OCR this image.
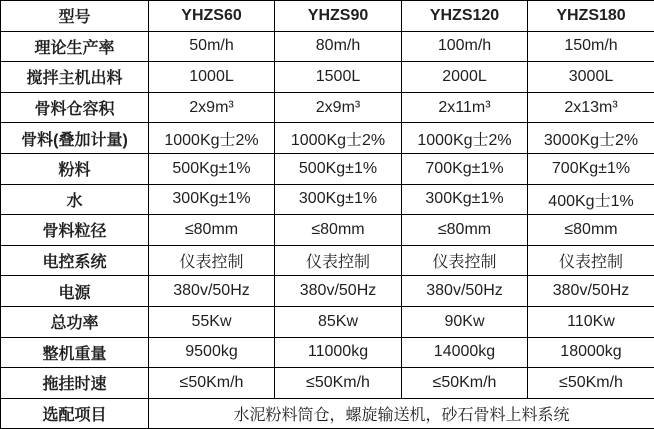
型号	YHZS60	YHZS90	YHZS120	YHZS180
理论生产率	50m/h	80m/h	100m/h	150m/h
搅拌主机出料	1000L	1500L	2000L	3000L
骨料仓容积	2x9m³	2x9m³	2x11m³	2x13m³
骨料(叠加计量)	1000Kg士2%	1000Kg士2%	1000Kg士2%	3000Kg士2%
粉料	500Kg±1%	500Kg±1%	700Kg±1%	700Kg±1%
水	300Kg±1%	300Kg±1%	300Kg±1%	400Kg士1%
骨料粒径	≤80mm	≤80mm	≤80mm	≤80mm
电控系统	仪表控制	仪表控制	仪表控制	仪表控制
电源	380v/50Hz	380v/50Hz	380v/50Hz	380v/50Hz
总功率	55Kw	85Kw	90Kw	110Kw
整机重量	9500kg	11000kg	14000kg	18000kg
拖挂时速	≤50Km/h	≤50Km/h	≤50Km/h	≤50Km/h
选配项目	水泥粉料筒仓，螺旋输送机，砂石骨料上料系统			
